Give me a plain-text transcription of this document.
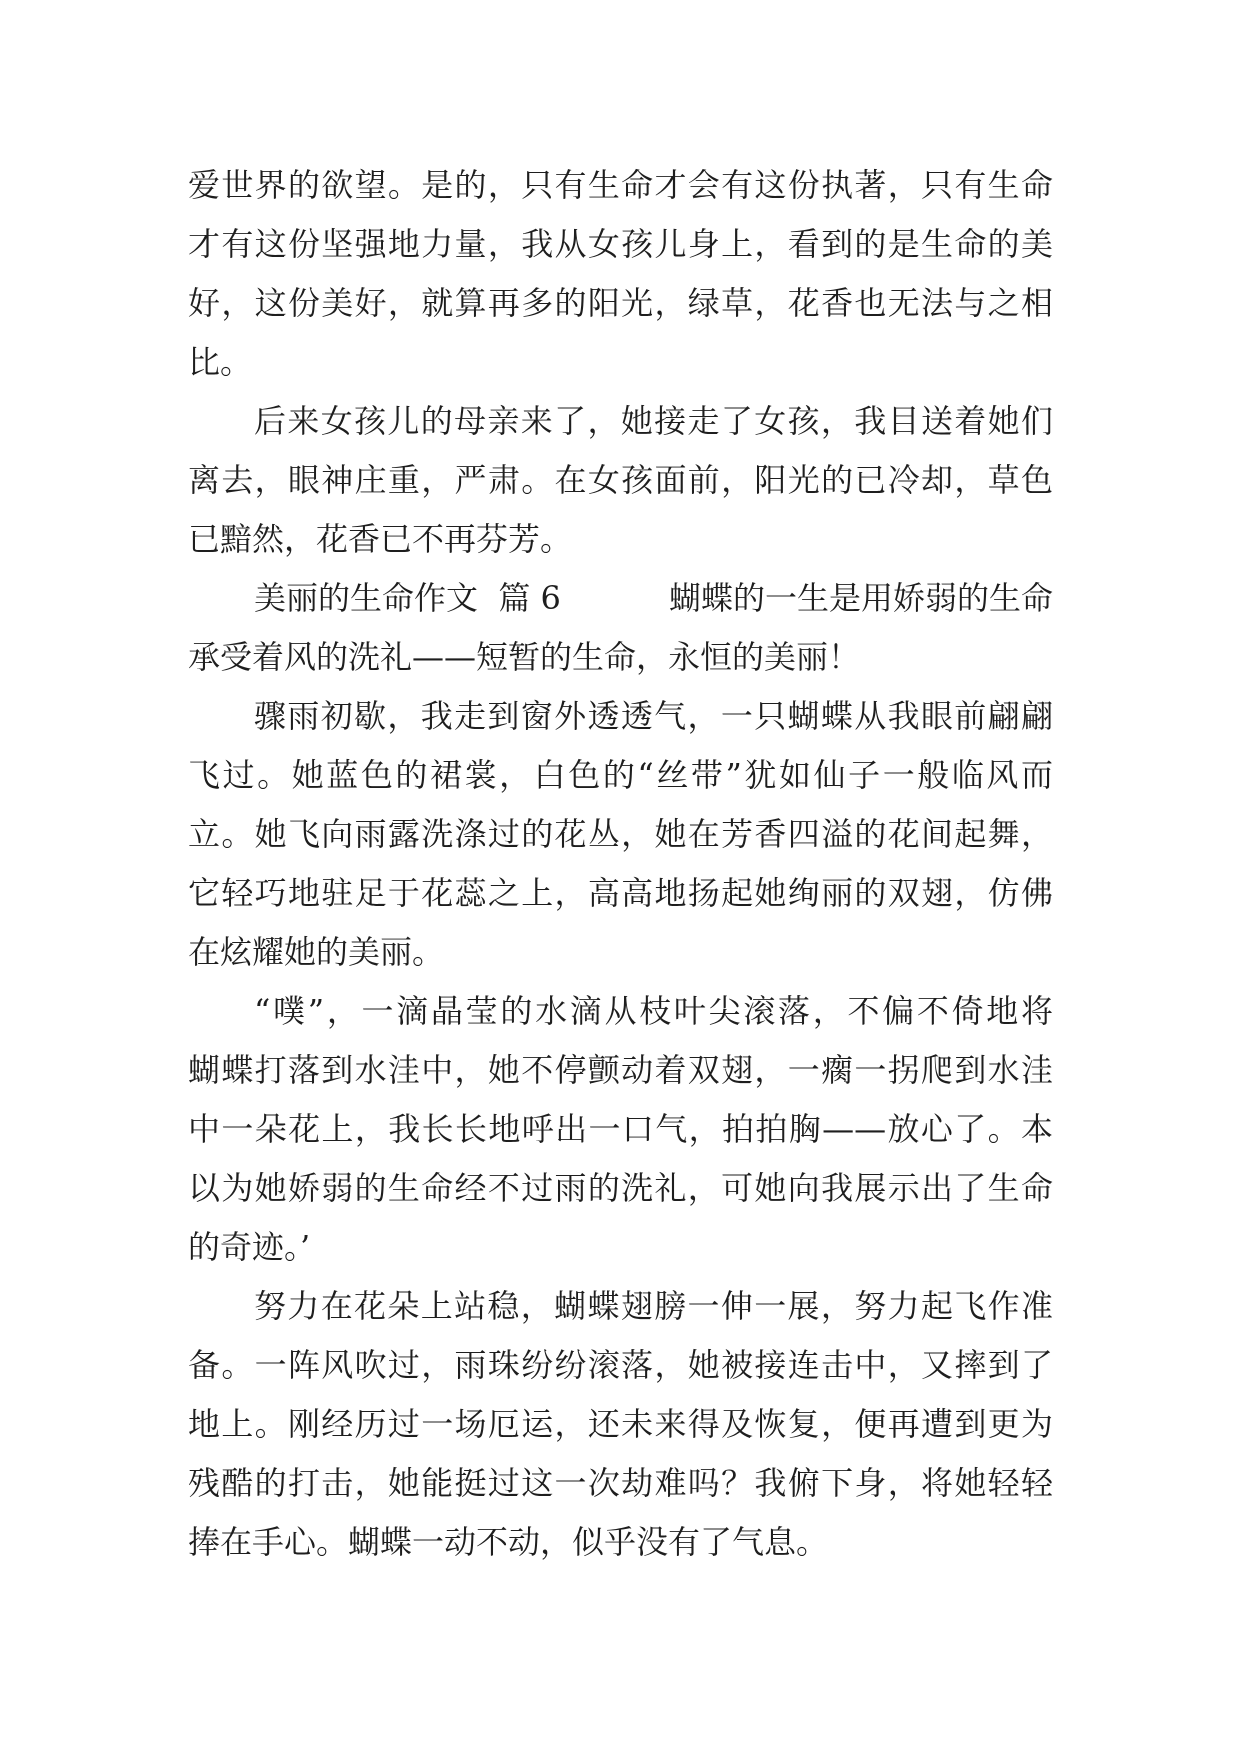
爱世界的欲望。是的，只有生命才会有这份执著，只有生命
才有这份坚强地力量，我从女孩儿身上，看到的是生命的美
好，这份美好，就算再多的阳光，绿草，花香也无法与之相
比。
后来女孩儿的母亲来了，她接走了女孩，我目送着她们
离去，眼神庄重，严肃。在女孩面前，阳光的已冷却，草色
已黯然，花香已不再芬芳。
美丽的生命作文  篇 6	蝴蝶的一生是用娇弱的生命
承受着风的洗礼——短暂的生命，永恒的美丽！
骤雨初歇，我走到窗外透透气，一只蝴蝶从我眼前翩翩
飞过。她蓝色的裙裳，白色的“丝带”犹如仙子一般临风而
立。她飞向雨露洗涤过的花丛，她在芳香四溢的花间起舞，
它轻巧地驻足于花蕊之上，高高地扬起她绚丽的双翅，仿佛
在炫耀她的美丽。
“噗”，一滴晶莹的水滴从枝叶尖滚落，不偏不倚地将
蝴蝶打落到水洼中，她不停颤动着双翅，一瘸一拐爬到水洼
中一朵花上，我长长地呼出一口气，拍拍胸——放心了。本
以为她娇弱的生命经不过雨的洗礼，可她向我展示出了生命
的奇迹。’
努力在花朵上站稳，蝴蝶翅膀一伸一展，努力起飞作准
备。一阵风吹过，雨珠纷纷滚落，她被接连击中，又摔到了
地上。刚经历过一场厄运，还未来得及恢复，便再遭到更为
残酷的打击，她能挺过这一次劫难吗？我俯下身，将她轻轻
捧在手心。蝴蝶一动不动，似乎没有了气息。
